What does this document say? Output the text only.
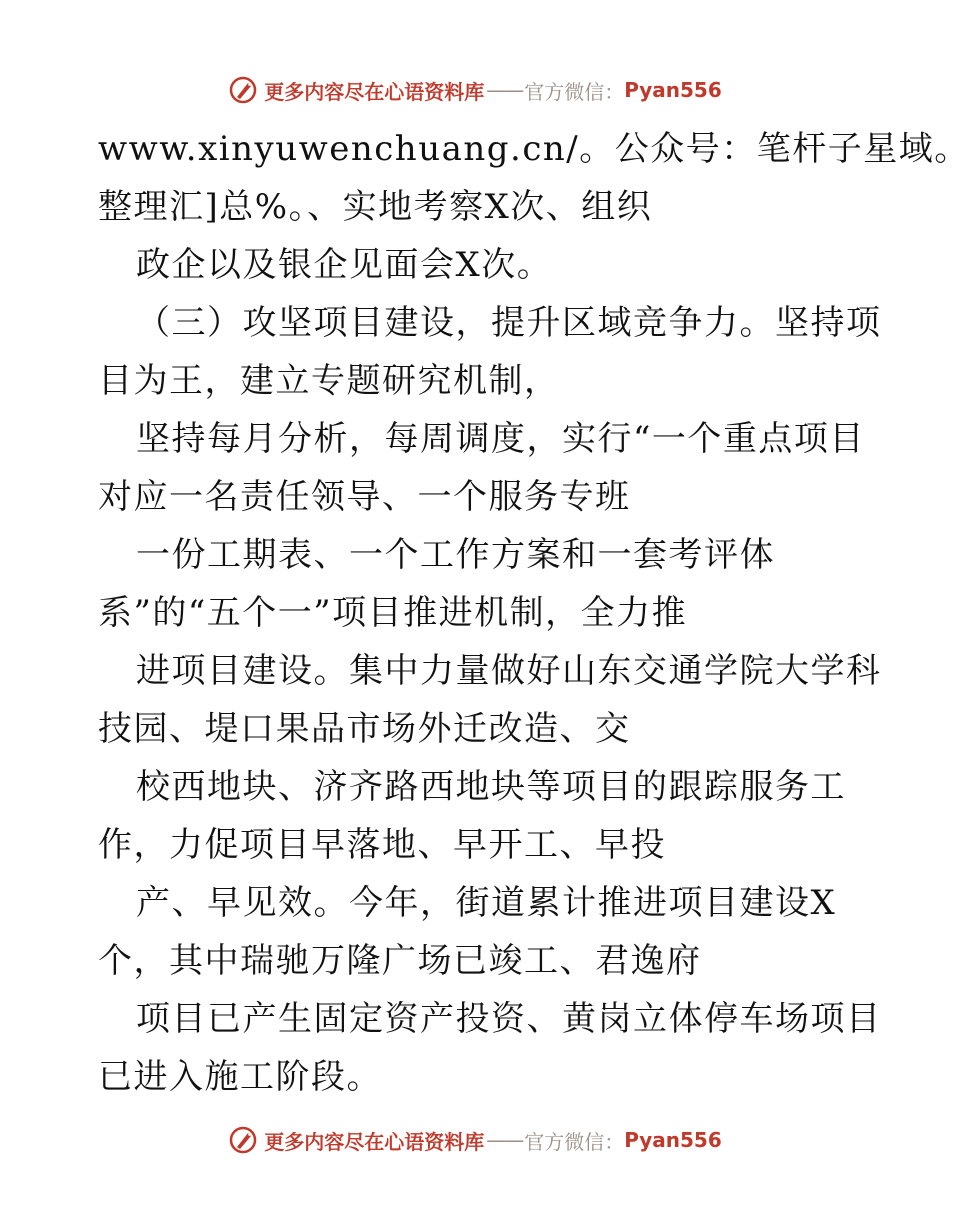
更多内容尽在心语资料库 —— 官方微信： Pyan556
www.xinyuwenchuang.cn/。公众号：笔杆子星域。
整理汇]总%。、实地考察X次、组织
政企以及银企见面会X次。
（三）攻坚项目建设，提升区域竞争力。坚持项
目为王，建立专题研究机制，
坚持每月分析，每周调度，实行“一个重点项目
对应一名责任领导、一个服务专班
一份工期表、一个工作方案和一套考评体
系”的“五个一”项目推进机制，全力推
进项目建设。集中力量做好山东交通学院大学科
技园、堤口果品市场外迁改造、交
校西地块、济齐路西地块等项目的跟踪服务工
作，力促项目早落地、早开工、早投
产、早见效。今年，街道累计推进项目建设X
个，其中瑞驰万隆广场已竣工、君逸府
项目已产生固定资产投资、黄岗立体停车场项目
已进入施工阶段。
更多内容尽在心语资料库 —— 官方微信： Pyan556
